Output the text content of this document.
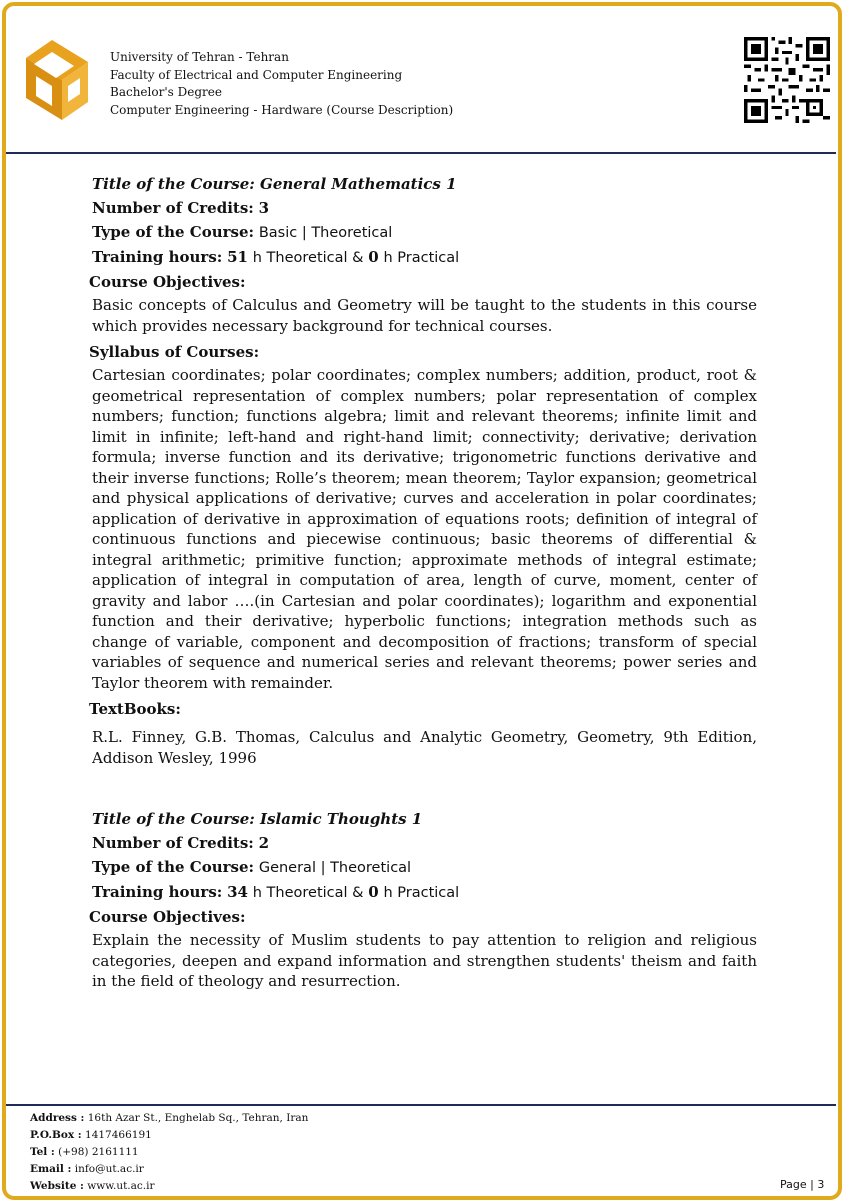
University of Tehran - Tehran
Faculty of Electrical and Computer Engineering
Bachelor's Degree
Computer Engineering - Hardware (Course Description)
Title of the Course: General Mathematics 1
Number of Credits: 3
Type of the Course: Basic | Theoretical
Training hours: 51 h Theoretical & 0 h Practical
Course Objectives:
Basic concepts of Calculus and Geometry will be taught to the students in this course which provides necessary background for technical courses.
Syllabus of Courses:
Cartesian coordinates; polar coordinates; complex numbers; addition, product, root & geometrical representation of complex numbers; polar representation of complex numbers; function; functions algebra; limit and relevant theorems; infinite limit and limit in infinite; left-hand and right-hand limit; connectivity; derivative; derivation formula; inverse function and its derivative; trigonometric functions derivative and their inverse functions; Rolle’s theorem; mean theorem; Taylor expansion; geometrical and physical applications of derivative; curves and acceleration in polar coordinates; application of derivative in approximation of equations roots; definition of integral of continuous functions and piecewise continuous; basic theorems of differential & integral arithmetic; primitive function; approximate methods of integral estimate; application of integral in computation of area, length of curve, moment, center of gravity and labor ….(in Cartesian and polar coordinates); logarithm and exponential function and their derivative; hyperbolic functions; integration methods such as change of variable, component and decomposition of fractions; transform of special variables of sequence and numerical series and relevant theorems; power series and Taylor theorem with remainder.
TextBooks:
R.L. Finney, G.B. Thomas, Calculus and Analytic Geometry, Geometry, 9th Edition, Addison Wesley, 1996
Title of the Course: Islamic Thoughts 1
Number of Credits: 2
Type of the Course: General | Theoretical
Training hours: 34 h Theoretical & 0 h Practical
Course Objectives:
Explain the necessity of Muslim students to pay attention to religion and religious categories, deepen and expand information and strengthen students' theism and faith in the field of theology and resurrection.
Address : 16th Azar St., Enghelab Sq., Tehran, Iran
P.O.Box : 1417466191
Tel : (+98) 2161111
Email : info@ut.ac.ir
Website : www.ut.ac.ir	Page | 3
